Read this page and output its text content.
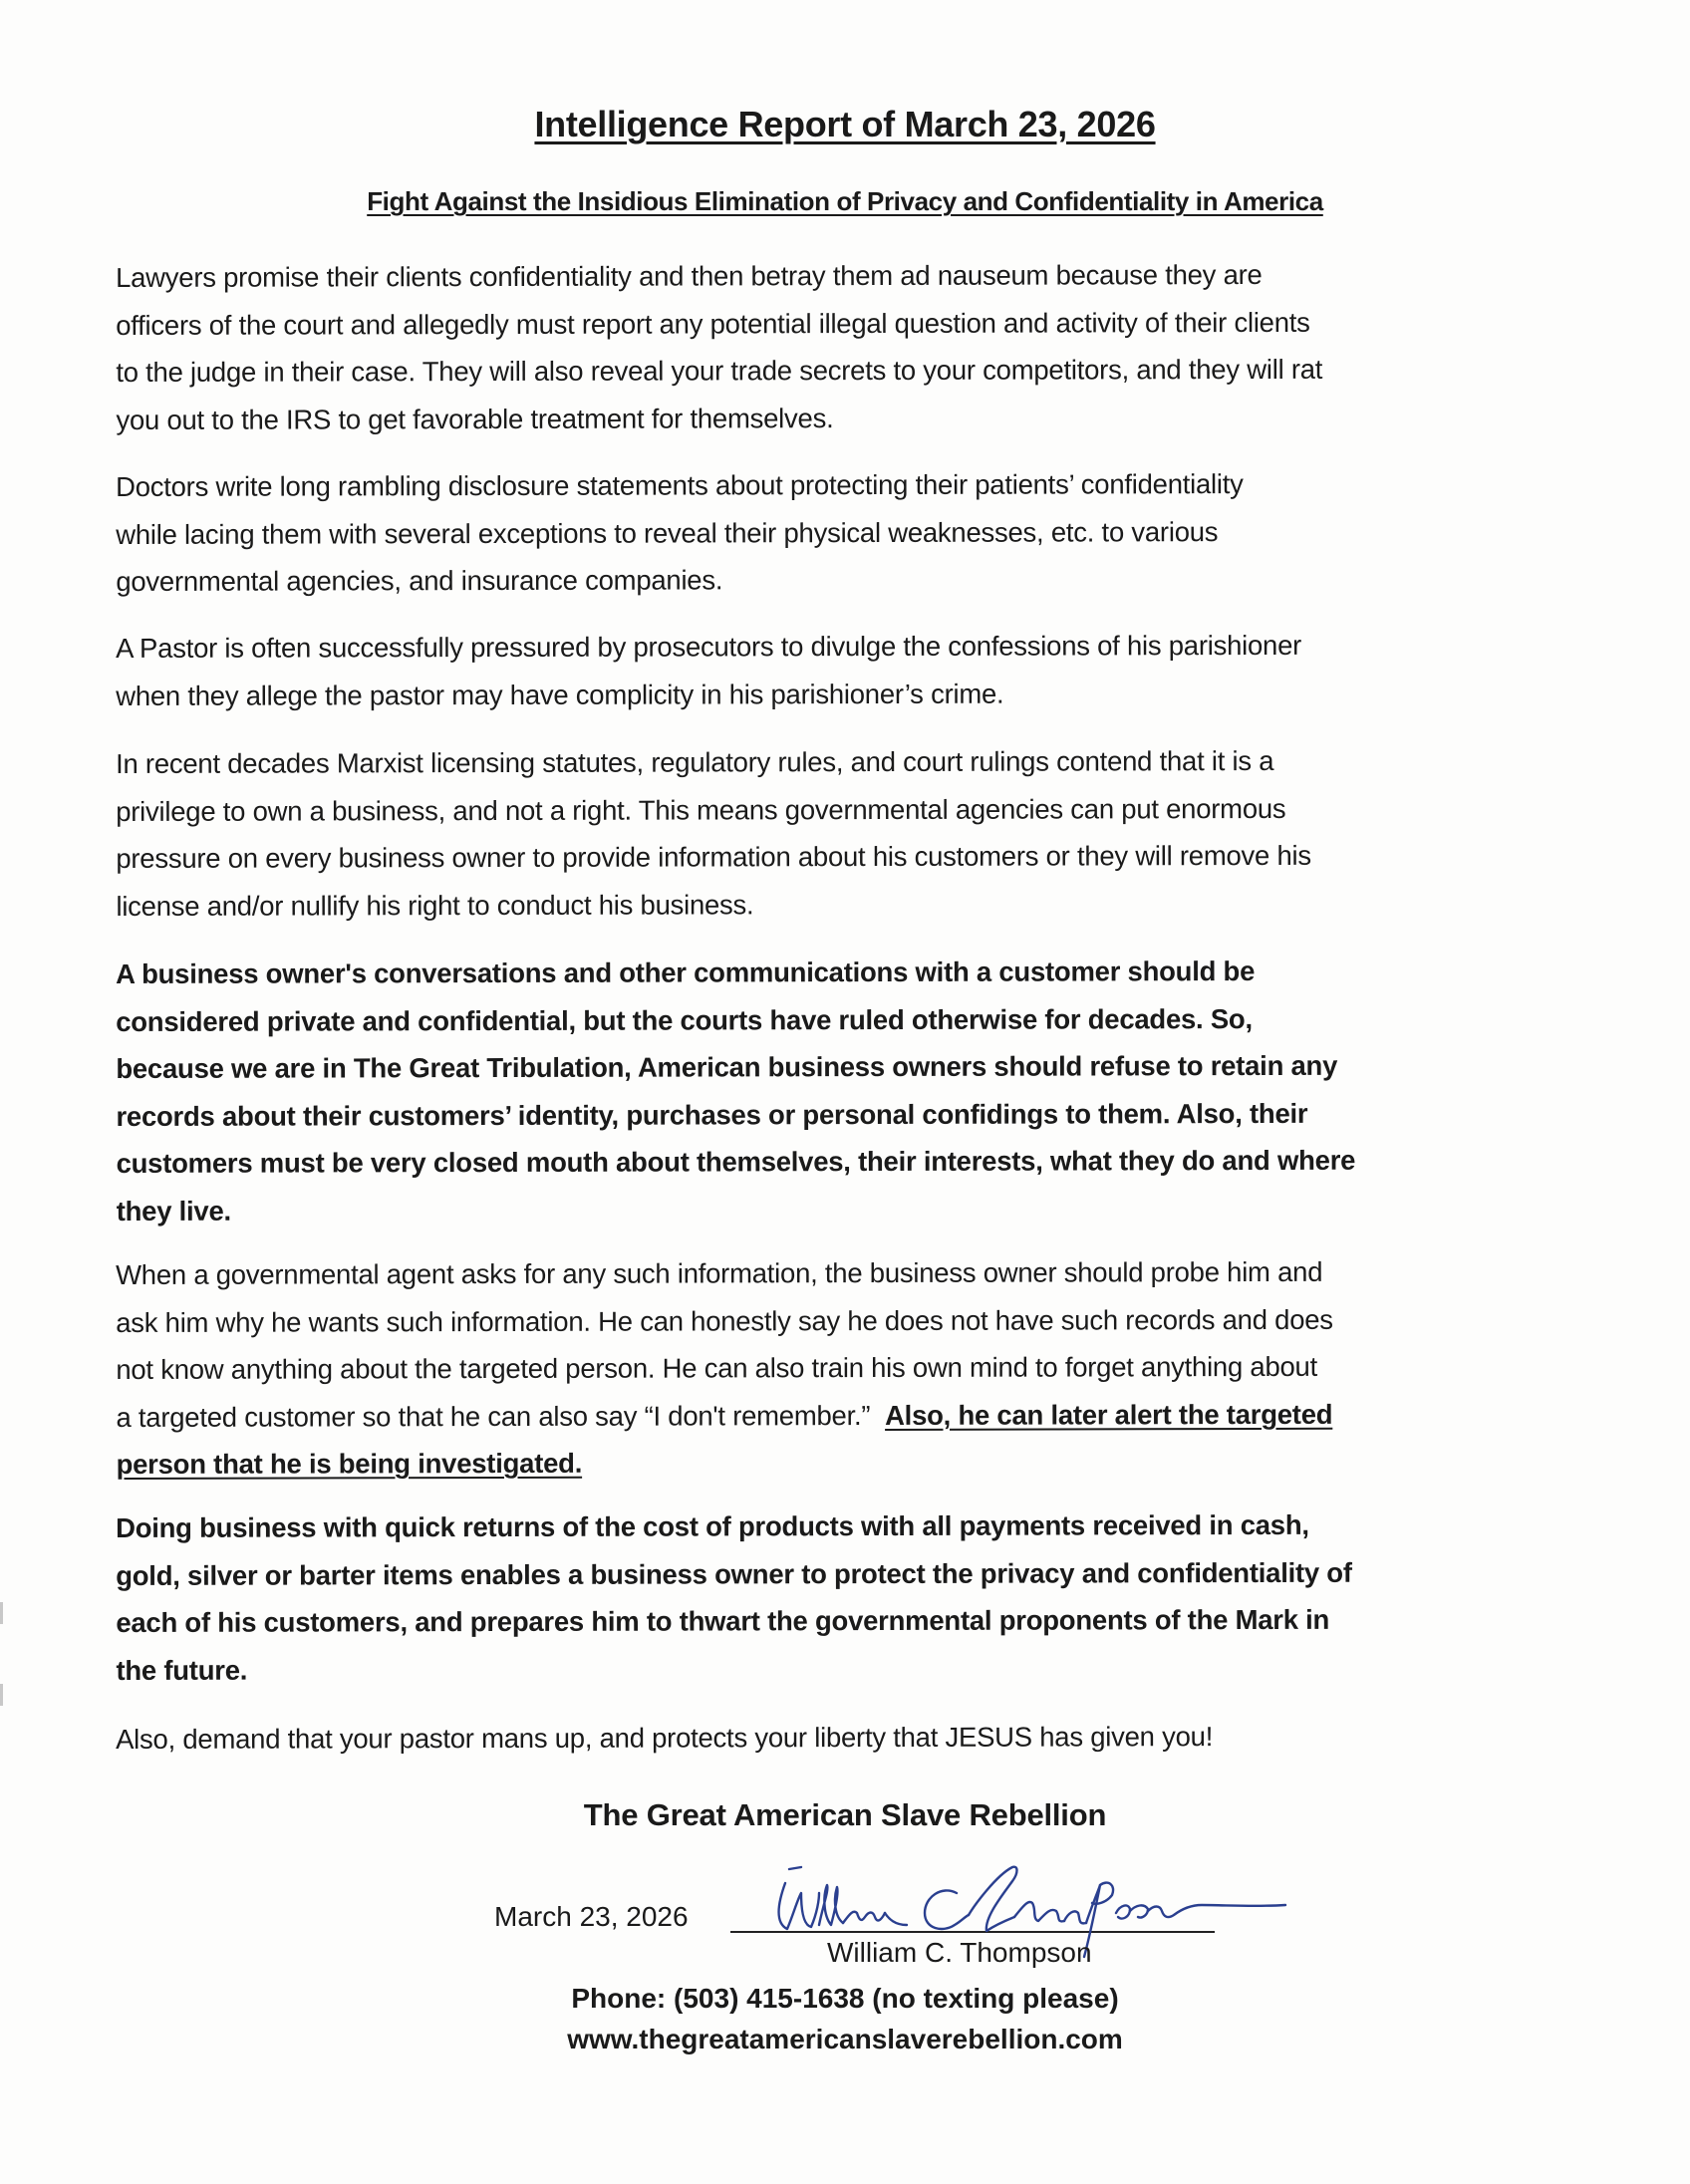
Intelligence Report of March 23, 2026
Fight Against the Insidious Elimination of Privacy and Confidentiality in America

Lawyers promise their clients confidentiality and then betray them ad nauseum because they are
officers of the court and allegedly must report any potential illegal question and activity of their clients
to the judge in their case. They will also reveal your trade secrets to your competitors, and they will rat
you out to the IRS to get favorable treatment for themselves.

Doctors write long rambling disclosure statements about protecting their patients’ confidentiality
while lacing them with several exceptions to reveal their physical weaknesses, etc. to various
governmental agencies, and insurance companies.

A Pastor is often successfully pressured by prosecutors to divulge the confessions of his parishioner
when they allege the pastor may have complicity in his parishioner’s crime.

In recent decades Marxist licensing statutes, regulatory rules, and court rulings contend that it is a
privilege to own a business, and not a right. This means governmental agencies can put enormous
pressure on every business owner to provide information about his customers or they will remove his
license and/or nullify his right to conduct his business.

A business owner's conversations and other communications with a customer should be
considered private and confidential, but the courts have ruled otherwise for decades. So,
because we are in The Great Tribulation, American business owners should refuse to retain any
records about their customers’ identity, purchases or personal confidings to them. Also, their
customers must be very closed mouth about themselves, their interests, what they do and where
they live.

When a governmental agent asks for any such information, the business owner should probe him and
ask him why he wants such information. He can honestly say he does not have such records and does
not know anything about the targeted person. He can also train his own mind to forget anything about
a targeted customer so that he can also say “I don't remember.”  Also, he can later alert the targeted
person that he is being investigated.

Doing business with quick returns of the cost of products with all payments received in cash,
gold, silver or barter items enables a business owner to protect the privacy and confidentiality of
each of his customers, and prepares him to thwart the governmental proponents of the Mark in
the future.

Also, demand that your pastor mans up, and protects your liberty that JESUS has given you!

The Great American Slave Rebellion
March 23, 2026
William C. Thompson
Phone: (503) 415-1638 (no texting please)
www.thegreatamericanslaverebellion.com
